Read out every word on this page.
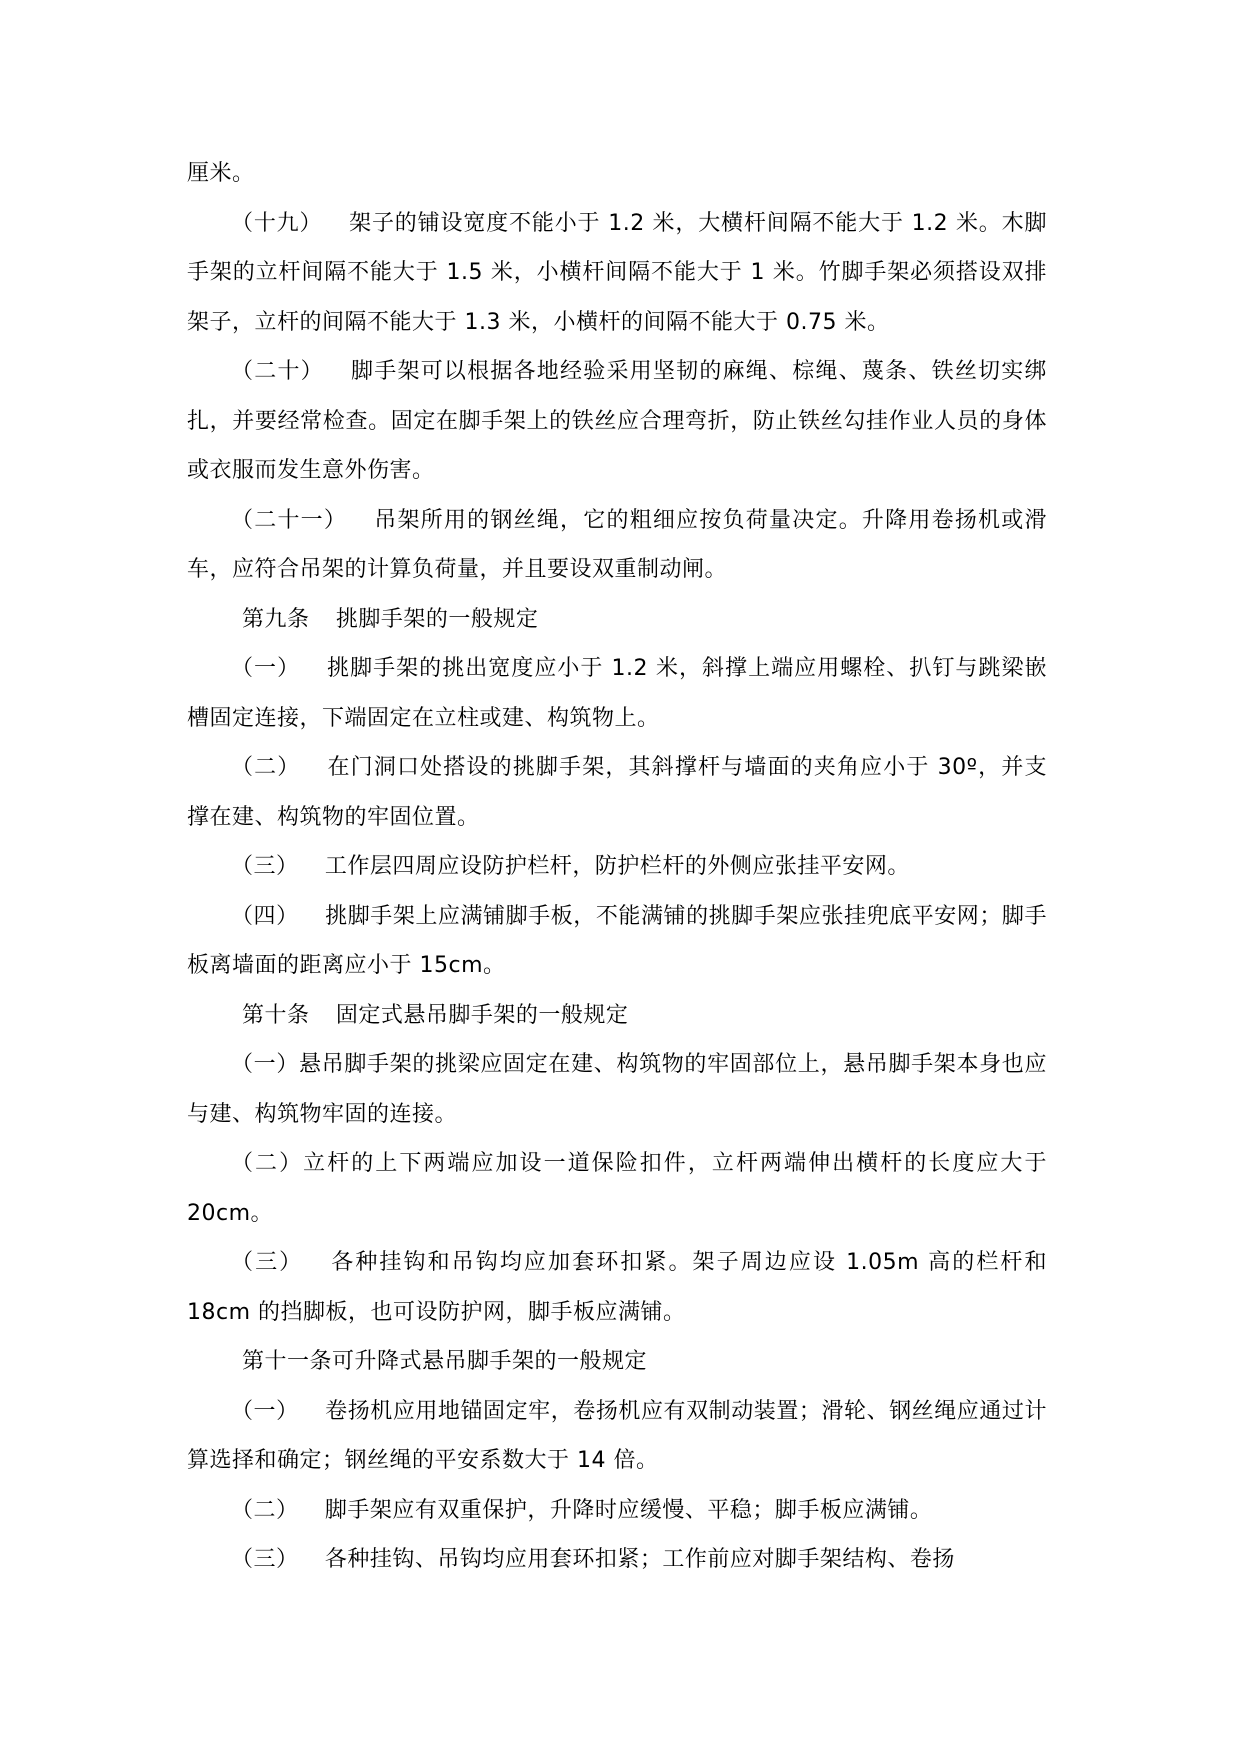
厘米。

（十九） 架子的铺设宽度不能小于 1.2 米，大横杆间隔不能大于 1.2 米。木脚手架的立杆间隔不能大于 1.5 米，小横杆间隔不能大于 1 米。竹脚手架必须搭设双排架子，立杆的间隔不能大于 1.3 米，小横杆的间隔不能大于 0.75 米。

（二十） 脚手架可以根据各地经验采用坚韧的麻绳、棕绳、蔑条、铁丝切实绑扎，并要经常检查。固定在脚手架上的铁丝应合理弯折，防止铁丝勾挂作业人员的身体或衣服而发生意外伤害。

（二十一） 吊架所用的钢丝绳，它的粗细应按负荷量决定。升降用卷扬机或滑车，应符合吊架的计算负荷量，并且要设双重制动闸。

第九条 挑脚手架的一般规定

（一） 挑脚手架的挑出宽度应小于 1.2 米，斜撑上端应用螺栓、扒钉与跳梁嵌槽固定连接，下端固定在立柱或建、构筑物上。

（二） 在门洞口处搭设的挑脚手架，其斜撑杆与墙面的夹角应小于 30º，并支撑在建、构筑物的牢固位置。

（三） 工作层四周应设防护栏杆，防护栏杆的外侧应张挂平安网。

（四） 挑脚手架上应满铺脚手板，不能满铺的挑脚手架应张挂兜底平安网；脚手板离墙面的距离应小于 15cm。

第十条 固定式悬吊脚手架的一般规定

（一）悬吊脚手架的挑梁应固定在建、构筑物的牢固部位上，悬吊脚手架本身也应与建、构筑物牢固的连接。

（二）立杆的上下两端应加设一道保险扣件，立杆两端伸出横杆的长度应大于 20cm。

（三） 各种挂钩和吊钩均应加套环扣紧。架子周边应设 1.05m 高的栏杆和 18cm 的挡脚板，也可设防护网，脚手板应满铺。

第十一条可升降式悬吊脚手架的一般规定

（一） 卷扬机应用地锚固定牢，卷扬机应有双制动装置；滑轮、钢丝绳应通过计算选择和确定；钢丝绳的平安系数大于 14 倍。

（二） 脚手架应有双重保护，升降时应缓慢、平稳；脚手板应满铺。

（三） 各种挂钩、吊钩均应用套环扣紧；工作前应对脚手架结构、卷扬
